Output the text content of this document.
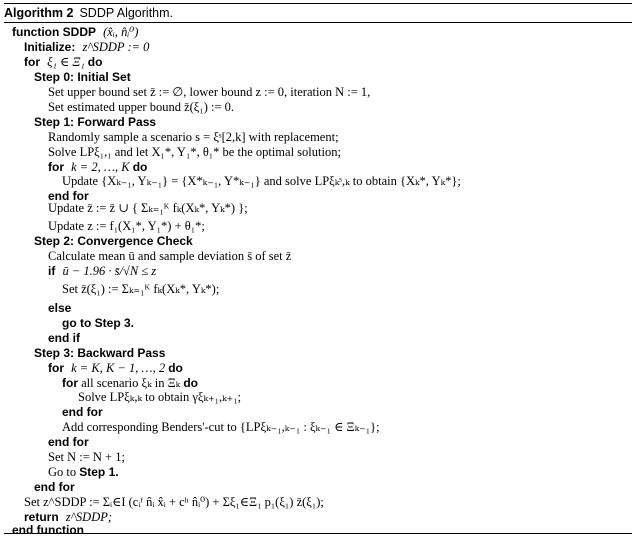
Algorithm 2 SDDP Algorithm.
function SDDP (x̂ᵢ, n̂ᵢ⁰)
Initialize: z^SDDP := 0
for ξ₁ ∈ Ξ₁ do
Step 0: Initial Set
Set upper bound set z̄ := ∅, lower bound z := 0, iteration N := 1,
Set estimated upper bound z̄(ξ₁) := 0.
Step 1: Forward Pass
Randomly sample a scenario s = ξˢ[2,k] with replacement;
Solve LPξ₁,₁ and let X₁*, Y₁*, θ₁* be the optimal solution;
for k = 2, …, K do
Update {Xₖ₋₁, Yₖ₋₁} = {X*ₖ₋₁, Y*ₖ₋₁} and solve LPξₖˢ,ₖ to obtain {Xₖ*, Yₖ*};
end for
Update z̄ := z̄ ∪ { Σₖ₌₁ᴷ fₖ(Xₖ*, Yₖ*) };
Update z := f₁(X₁*, Y₁*) + θ₁*;
Step 2: Convergence Check
Calculate mean ū and sample deviation s̄ of set z̄
if ū − 1.96 · s̄/√N ≤ z
Set z̄(ξ₁) := Σₖ₌₁ᴷ fₖ(Xₖ*, Yₖ*);
else
go to Step 3.
end if
Step 3: Backward Pass
for k = K, K − 1, …, 2 do
for all scenario ξₖ in Ξₖ do
Solve LPξₖ,ₖ to obtain γξₖ₊₁,ₖ₊₁;
end for
Add corresponding Benders'-cut to {LPξₖ₋₁,ₖ₋₁ : ξₖ₋₁ ∈ Ξₖ₋₁};
end for
Set N := N + 1;
Go to Step 1.
end for
Set z^SDDP := Σᵢ∈I (cᵢᶠ n̂ᵢ x̂ᵢ + cʰ n̂ᵢ⁰) + Σξ₁∈Ξ₁ p₁(ξ₁) z̄(ξ₁);
return z^SDDP;
end function
